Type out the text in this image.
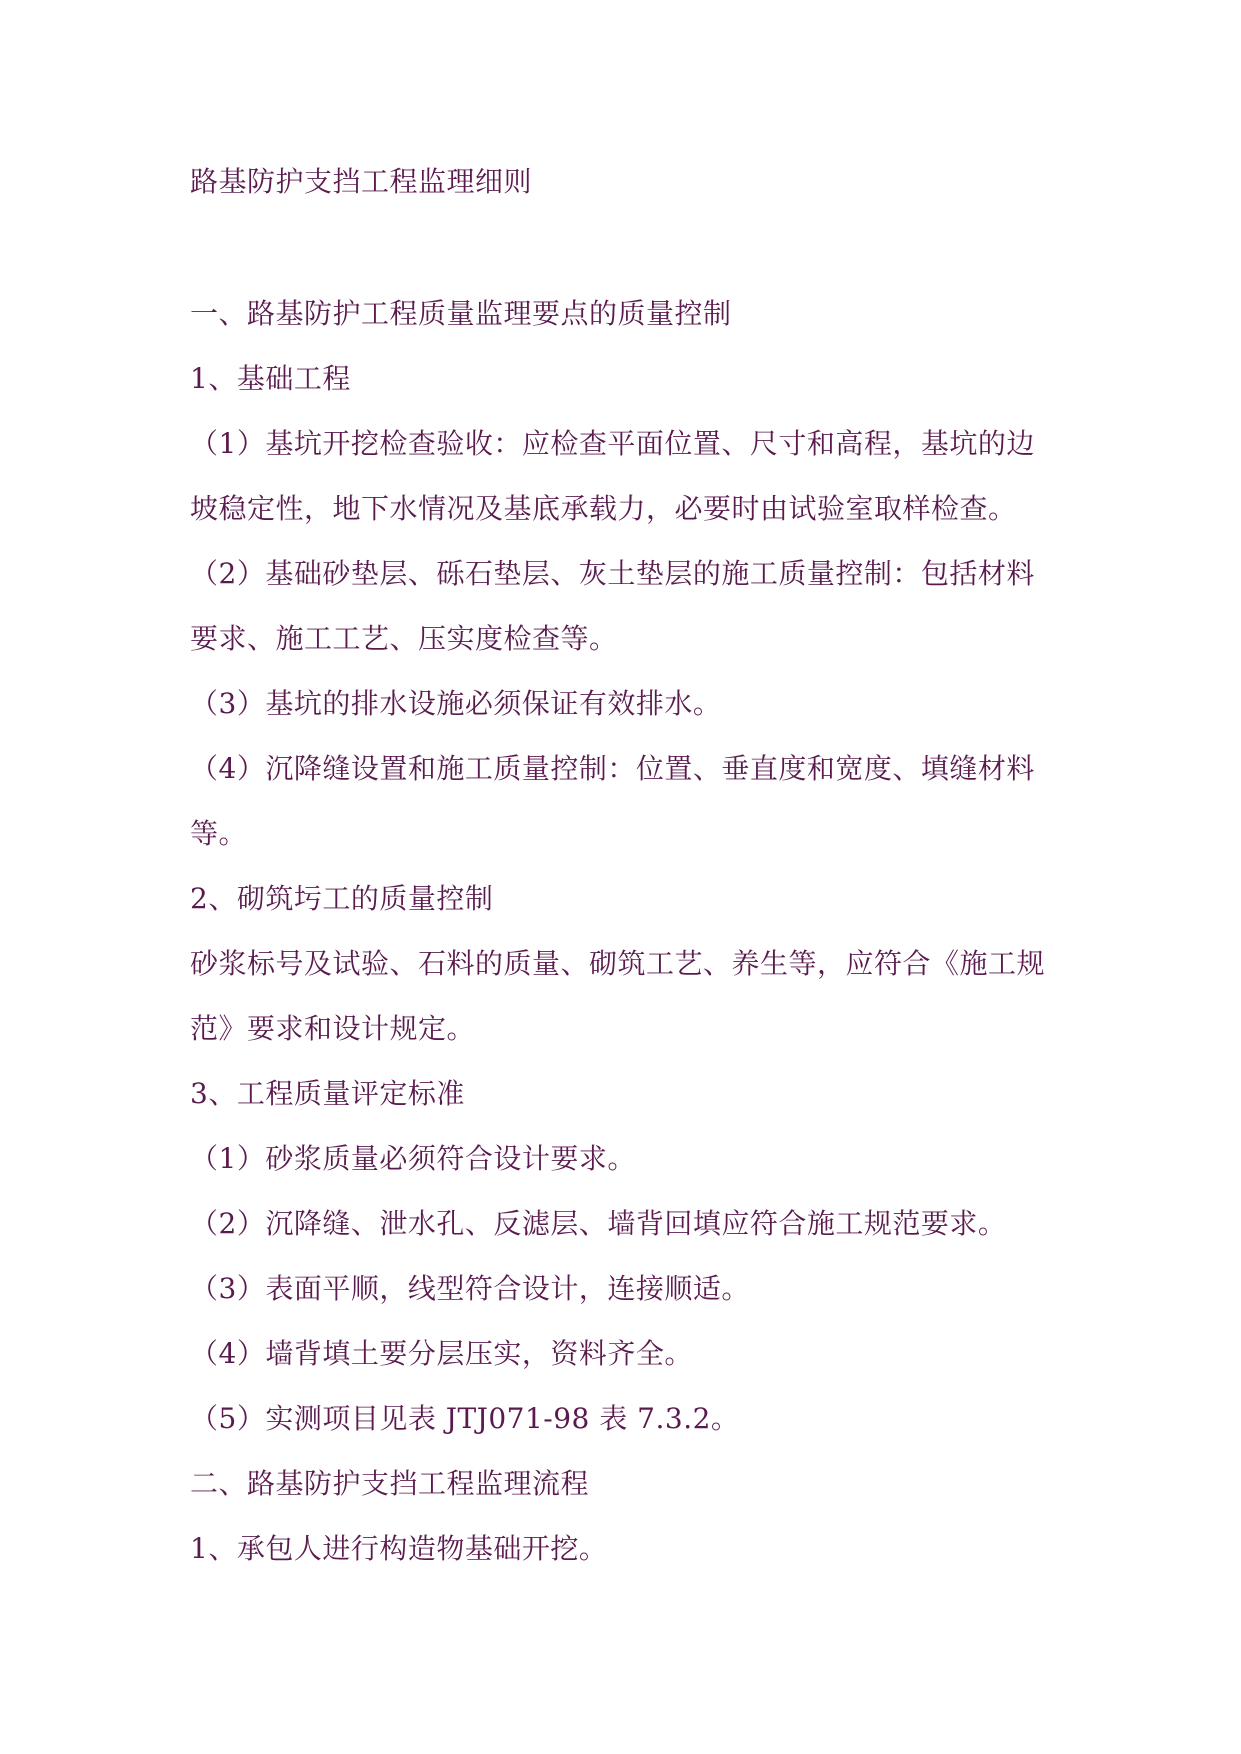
路基防护支挡工程监理细则
一、路基防护工程质量监理要点的质量控制
1、基础工程
（1）基坑开挖检查验收：应检查平面位置、尺寸和高程，基坑的边
坡稳定性，地下水情况及基底承载力，必要时由试验室取样检查。
（2）基础砂垫层、砾石垫层、灰土垫层的施工质量控制：包括材料
要求、施工工艺、压实度检查等。
（3）基坑的排水设施必须保证有效排水。
（4）沉降缝设置和施工质量控制：位置、垂直度和宽度、填缝材料
等。
2、砌筑圬工的质量控制
砂浆标号及试验、石料的质量、砌筑工艺、养生等，应符合《施工规
范》要求和设计规定。
3、工程质量评定标准
（1）砂浆质量必须符合设计要求。
（2）沉降缝、泄水孔、反滤层、墙背回填应符合施工规范要求。
（3）表面平顺，线型符合设计，连接顺适。
（4）墙背填土要分层压实，资料齐全。
（5）实测项目见表 JTJ071-98 表 7.3.2。
二、路基防护支挡工程监理流程
1、承包人进行构造物基础开挖。
